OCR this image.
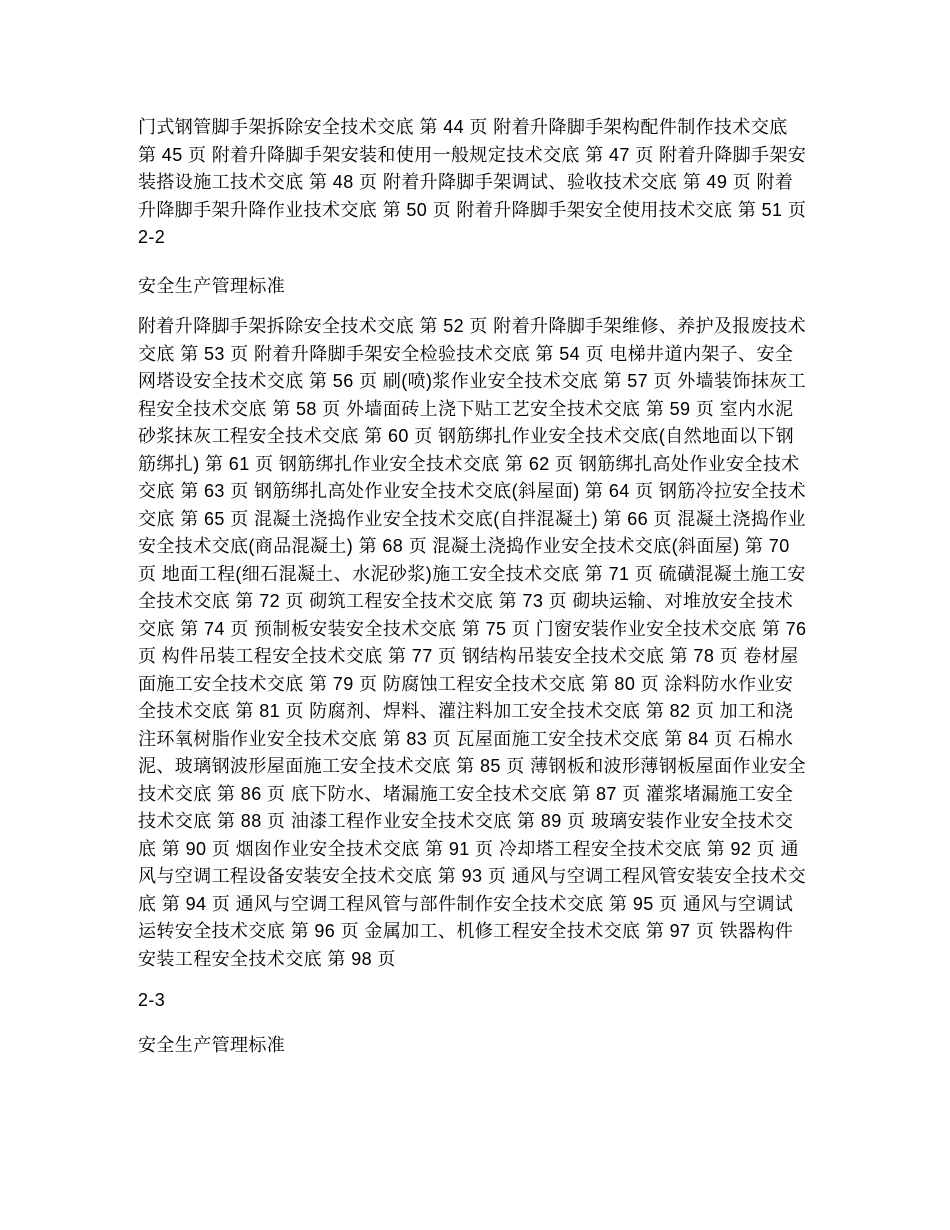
门式钢管脚手架拆除安全技术交底 第 44 页 附着升降脚手架构配件制作技术交底
第 45 页 附着升降脚手架安装和使用一般规定技术交底 第 47 页 附着升降脚手架安
装搭设施工技术交底 第 48 页 附着升降脚手架调试、验收技术交底 第 49 页 附着
升降脚手架升降作业技术交底 第 50 页 附着升降脚手架安全使用技术交底 第 51 页
2-2
安全生产管理标准
附着升降脚手架拆除安全技术交底 第 52 页 附着升降脚手架维修、养护及报废技术
交底 第 53 页 附着升降脚手架安全检验技术交底 第 54 页 电梯井道内架子、安全
网塔设安全技术交底 第 56 页 刷(喷)浆作业安全技术交底 第 57 页 外墙装饰抹灰工
程安全技术交底 第 58 页 外墙面砖上浇下贴工艺安全技术交底 第 59 页 室内水泥
砂浆抹灰工程安全技术交底 第 60 页 钢筋绑扎作业安全技术交底(自然地面以下钢
筋绑扎) 第 61 页 钢筋绑扎作业安全技术交底 第 62 页 钢筋绑扎高处作业安全技术
交底 第 63 页 钢筋绑扎高处作业安全技术交底(斜屋面) 第 64 页 钢筋冷拉安全技术
交底 第 65 页 混凝土浇捣作业安全技术交底(自拌混凝土) 第 66 页 混凝土浇捣作业
安全技术交底(商品混凝土) 第 68 页 混凝土浇捣作业安全技术交底(斜面屋) 第 70
页 地面工程(细石混凝土、水泥砂浆)施工安全技术交底 第 71 页 硫磺混凝土施工安
全技术交底 第 72 页 砌筑工程安全技术交底 第 73 页 砌块运输、对堆放安全技术
交底 第 74 页 预制板安装安全技术交底 第 75 页 门窗安装作业安全技术交底 第 76
页 构件吊装工程安全技术交底 第 77 页 钢结构吊装安全技术交底 第 78 页 卷材屋
面施工安全技术交底 第 79 页 防腐蚀工程安全技术交底 第 80 页 涂料防水作业安
全技术交底 第 81 页 防腐剂、焊料、灌注料加工安全技术交底 第 82 页 加工和浇
注环氧树脂作业安全技术交底 第 83 页 瓦屋面施工安全技术交底 第 84 页 石棉水
泥、玻璃钢波形屋面施工安全技术交底 第 85 页 薄钢板和波形薄钢板屋面作业安全
技术交底 第 86 页 底下防水、堵漏施工安全技术交底 第 87 页 灌浆堵漏施工安全
技术交底 第 88 页 油漆工程作业安全技术交底 第 89 页 玻璃安装作业安全技术交
底 第 90 页 烟囱作业安全技术交底 第 91 页 冷却塔工程安全技术交底 第 92 页 通
风与空调工程设备安装安全技术交底 第 93 页 通风与空调工程风管安装安全技术交
底 第 94 页 通风与空调工程风管与部件制作安全技术交底 第 95 页 通风与空调试
运转安全技术交底 第 96 页 金属加工、机修工程安全技术交底 第 97 页 铁器构件
安装工程安全技术交底 第 98 页
2-3
安全生产管理标准
